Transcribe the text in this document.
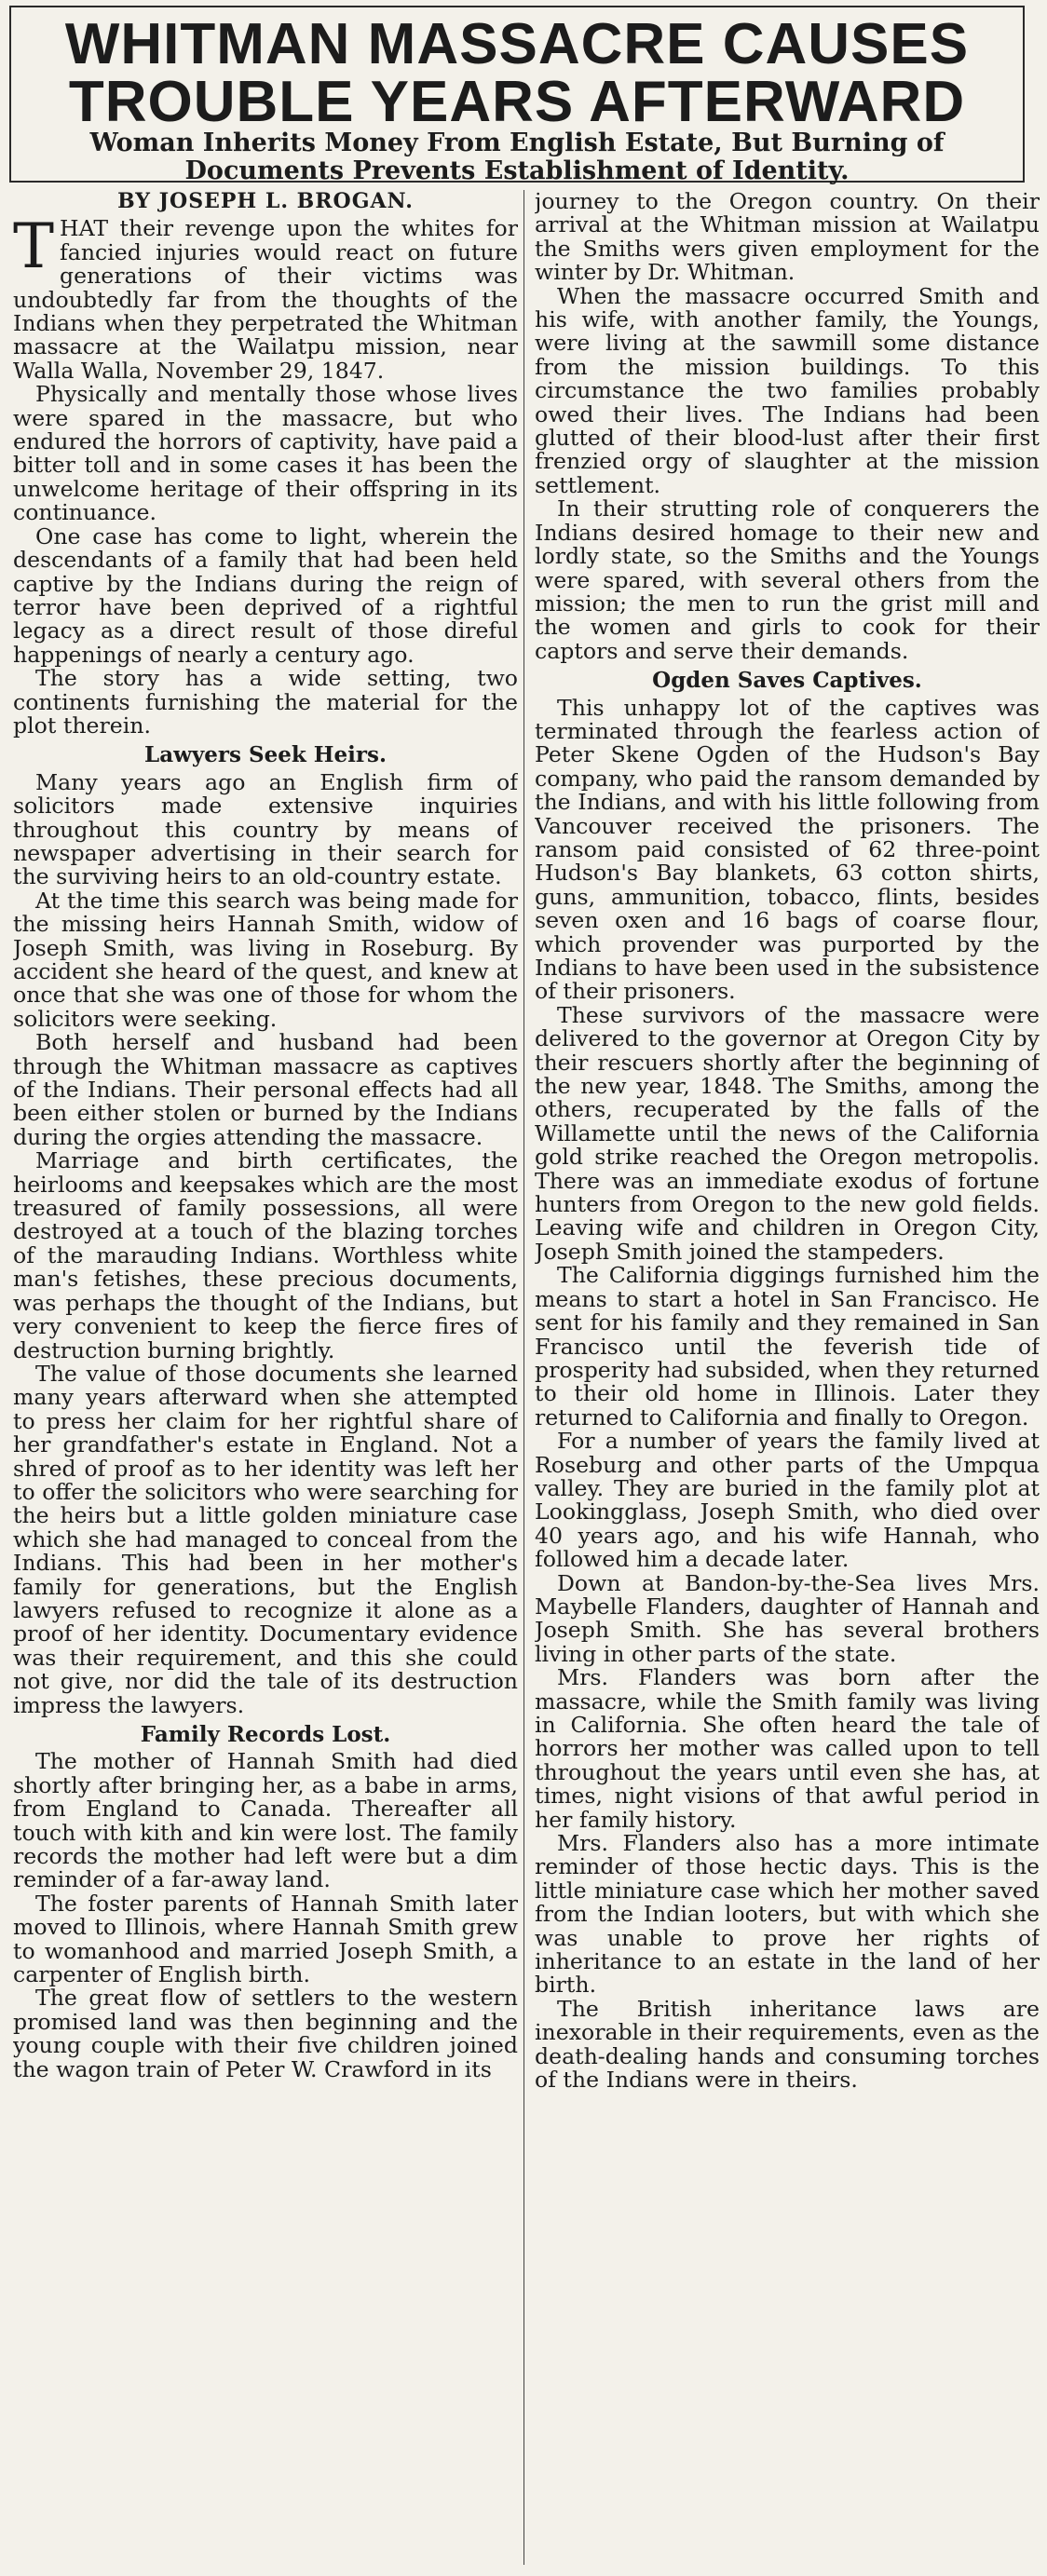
WHITMAN MASSACRE CAUSES
TROUBLE YEARS AFTERWARD

Woman Inherits Money From English Estate, But Burning of

Documents Prevents Establishment of Identity.

BY JOSEPH L. BROGAN.

THAT their revenge upon the whites for fancied injuries would react on future generations of their victims was undoubtedly far from the thoughts of the Indians when they perpetrated the Whitman massacre at the Wailatpu mission, near Walla Walla, November 29, 1847.

Physically and mentally those whose lives were spared in the massacre, but who endured the horrors of captivity, have paid a bitter toll and in some cases it has been the unwelcome heritage of their offspring in its continuance.

One case has come to light, wherein the descendants of a family that had been held captive by the Indians during the reign of terror have been deprived of a rightful legacy as a direct result of those direful happenings of nearly a century ago.

The story has a wide setting, two continents furnishing the material for the plot therein.

Lawyers Seek Heirs.

Many years ago an English firm of solicitors made extensive inquiries throughout this country by means of newspaper advertising in their search for the surviving heirs to an old-country estate.

At the time this search was being made for the missing heirs Hannah Smith, widow of Joseph Smith, was living in Roseburg. By accident she heard of the quest, and knew at once that she was one of those for whom the solicitors were seeking.

Both herself and husband had been through the Whitman massacre as captives of the Indians. Their personal effects had all been either stolen or burned by the Indians during the orgies attending the massacre.

Marriage and birth certificates, the heirlooms and keepsakes which are the most treasured of family possessions, all were destroyed at a touch of the blazing torches of the marauding Indians. Worthless white man's fetishes, these precious documents, was perhaps the thought of the Indians, but very convenient to keep the fierce fires of destruction burning brightly.

The value of those documents she learned many years afterward when she attempted to press her claim for her rightful share of her grandfather's estate in England. Not a shred of proof as to her identity was left her to offer the solicitors who were searching for the heirs but a little golden miniature case which she had managed to conceal from the Indians. This had been in her mother's family for generations, but the English lawyers refused to recognize it alone as a proof of her identity. Documentary evidence was their requirement, and this she could not give, nor did the tale of its destruction impress the lawyers.

Family Records Lost.

The mother of Hannah Smith had died shortly after bringing her, as a babe in arms, from England to Canada. Thereafter all touch with kith and kin were lost. The family records the mother had left were but a dim reminder of a far-away land.

The foster parents of Hannah Smith later moved to Illinois, where Hannah Smith grew to womanhood and married Joseph Smith, a carpenter of English birth.

The great flow of settlers to the western promised land was then beginning and the young couple with their five children joined the wagon train of Peter W. Crawford in its

journey to the Oregon country. On their arrival at the Whitman mission at Wailatpu the Smiths wers given employment for the winter by Dr. Whitman.

When the massacre occurred Smith and his wife, with another family, the Youngs, were living at the sawmill some distance from the mission buildings. To this circumstance the two families probably owed their lives. The Indians had been glutted of their blood-lust after their first frenzied orgy of slaughter at the mission settlement.

In their strutting role of conquerers the Indians desired homage to their new and lordly state, so the Smiths and the Youngs were spared, with several others from the mission; the men to run the grist mill and the women and girls to cook for their captors and serve their demands.

Ogden Saves Captives.

This unhappy lot of the captives was terminated through the fearless action of Peter Skene Ogden of the Hudson's Bay company, who paid the ransom demanded by the Indians, and with his little following from Vancouver received the prisoners. The ransom paid consisted of 62 three-point Hudson's Bay blankets, 63 cotton shirts, guns, ammunition, tobacco, flints, besides seven oxen and 16 bags of coarse flour, which provender was purported by the Indians to have been used in the subsistence of their prisoners.

These survivors of the massacre were delivered to the governor at Oregon City by their rescuers shortly after the beginning of the new year, 1848. The Smiths, among the others, recuperated by the falls of the Willamette until the news of the California gold strike reached the Oregon metropolis. There was an immediate exodus of fortune hunters from Oregon to the new gold fields. Leaving wife and children in Oregon City, Joseph Smith joined the stampeders.

The California diggings furnished him the means to start a hotel in San Francisco. He sent for his family and they remained in San Francisco until the feverish tide of prosperity had subsided, when they returned to their old home in Illinois. Later they returned to California and finally to Oregon.

For a number of years the family lived at Roseburg and other parts of the Umpqua valley. They are buried in the family plot at Lookingglass, Joseph Smith, who died over 40 years ago, and his wife Hannah, who followed him a decade later.

Down at Bandon-by-the-Sea lives Mrs. Maybelle Flanders, daughter of Hannah and Joseph Smith. She has several brothers living in other parts of the state.

Mrs. Flanders was born after the massacre, while the Smith family was living in California. She often heard the tale of horrors her mother was called upon to tell throughout the years until even she has, at times, night visions of that awful period in her family history.

Mrs. Flanders also has a more intimate reminder of those hectic days. This is the little miniature case which her mother saved from the Indian looters, but with which she was unable to prove her rights of inheritance to an estate in the land of her birth.

The British inheritance laws are inexorable in their requirements, even as the death-dealing hands and consuming torches of the Indians were in theirs.
